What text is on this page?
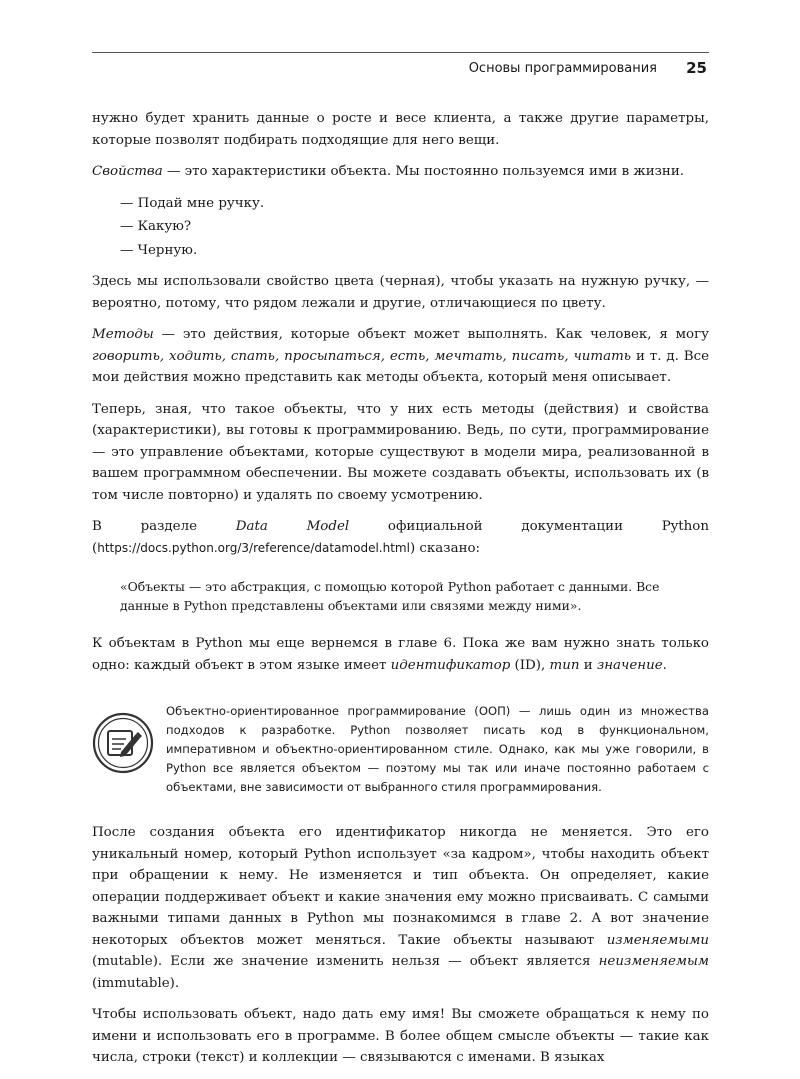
Основы программирования 25

нужно будет хранить данные о росте и весе клиента, а также другие параметры, которые позволят подбирать подходящие для него вещи.

Свойства — это характеристики объекта. Мы постоянно пользуемся ими в жизни.

— Подай мне ручку.

— Какую?

— Черную.

Здесь мы использовали свойство цвета (черная), чтобы указать на нужную ручку, — вероятно, потому, что рядом лежали и другие, отличающиеся по цвету.

Методы — это действия, которые объект может выполнять. Как человек, я могу говорить, ходить, спать, просыпаться, есть, мечтать, писать, читать и т. д. Все мои действия можно представить как методы объекта, который меня описывает.

Теперь, зная, что такое объекты, что у них есть методы (действия) и свойства (характеристики), вы готовы к программированию. Ведь, по сути, программирование — это управление объектами, которые существуют в модели мира, реализованной в вашем программном обеспечении. Вы можете создавать объекты, использовать их (в том числе повторно) и удалять по своему усмотрению.

В разделе Data Model официальной документации Python (https://docs.python.org/3/reference/datamodel.html) сказано:

«Объекты — это абстракция, с помощью которой Python работает с данными. Все данные в Python представлены объектами или связями между ними».

К объектам в Python мы еще вернемся в главе 6. Пока же вам нужно знать только одно: каждый объект в этом языке имеет идентификатор (ID), тип и значение.

Объектно-ориентированное программирование (ООП) — лишь один из множества подходов к разработке. Python позволяет писать код в функциональном, императивном и объектно-ориентированном стиле. Однако, как мы уже говорили, в Python все является объектом — поэтому мы так или иначе постоянно работаем с объектами, вне зависимости от выбранного стиля программирования.

После создания объекта его идентификатор никогда не меняется. Это его уникальный номер, который Python использует «за кадром», чтобы находить объект при обращении к нему. Не изменяется и тип объекта. Он определяет, какие операции поддерживает объект и какие значения ему можно присваивать. С самыми важными типами данных в Python мы познакомимся в главе 2. А вот значение некоторых объектов может меняться. Такие объекты называют изменяемыми (mutable). Если же значение изменить нельзя — объект является неизменяемым (immutable).

Чтобы использовать объект, надо дать ему имя! Вы сможете обращаться к нему по имени и использовать его в программе. В более общем смысле объекты — такие как числа, строки (текст) и коллекции — связываются с именами. В языках
